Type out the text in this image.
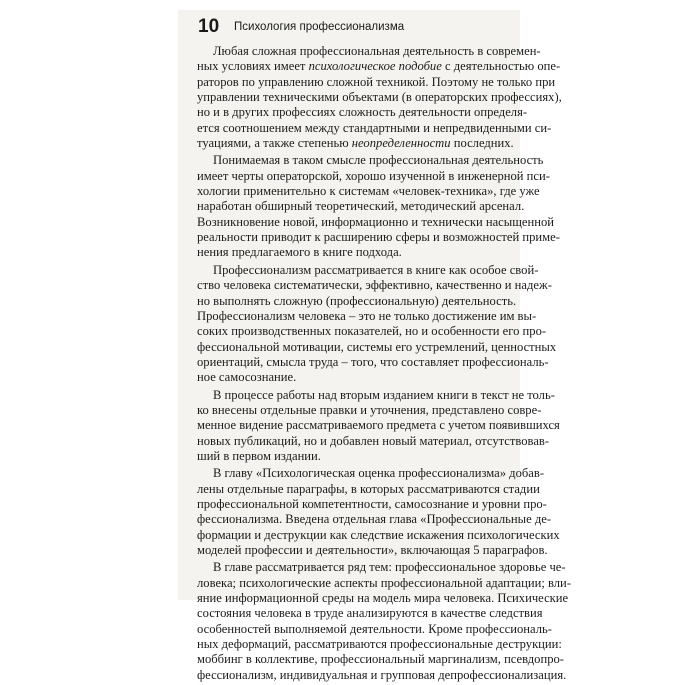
10 Психология профессионализма
Любая сложная профессиональная деятельность в современ-
ных условиях имеет психологическое подобие с деятельностью опе-
раторов по управлению сложной техникой. Поэтому не только при
управлении техническими объектами (в операторских профессиях),
но и в других профессиях сложность деятельности определя-
ется соотношением между стандартными и непредвиденными си-
туациями, а также степенью неопределенности последних.
Понимаемая в таком смысле профессиональная деятельность
имеет черты операторской, хорошо изученной в инженерной пси-
хологии применительно к системам «человек-техника», где уже
наработан обширный теоретический, методический арсенал.
Возникновение новой, информационно и технически насыщенной
реальности приводит к расширению сферы и возможностей приме-
нения предлагаемого в книге подхода.
Профессионализм рассматривается в книге как особое свой-
ство человека систематически, эффективно, качественно и надеж-
но выполнять сложную (профессиональную) деятельность.
Профессионализм человека – это не только достижение им вы-
соких производственных показателей, но и особенности его про-
фессиональной мотивации, системы его устремлений, ценностных
ориентаций, смысла труда – того, что составляет профессиональ-
ное самосознание.
В процессе работы над вторым изданием книги в текст не толь-
ко внесены отдельные правки и уточнения, представлено совре-
менное видение рассматриваемого предмета с учетом появившихся
новых публикаций, но и добавлен новый материал, отсутствовав-
ший в первом издании.
В главу «Психологическая оценка профессионализма» добав-
лены отдельные параграфы, в которых рассматриваются стадии
профессиональной компетентности, самосознание и уровни про-
фессионализма. Введена отдельная глава «Профессиональные де-
формации и деструкции как следствие искажения психологических
моделей профессии и деятельности», включающая 5 параграфов.
В главе рассматривается ряд тем: профессиональное здоровье че-
ловека; психологические аспекты профессиональной адаптации; вли-
яние информационной среды на модель мира человека. Психические
состояния человека в труде анализируются в качестве следствия
особенностей выполняемой деятельности. Кроме профессиональ-
ных деформаций, рассматриваются профессиональные деструкции:
моббинг в коллективе, профессиональный маргинализм, псевдопро-
фессионализм, индивидуальная и групповая депрофессионализация.
